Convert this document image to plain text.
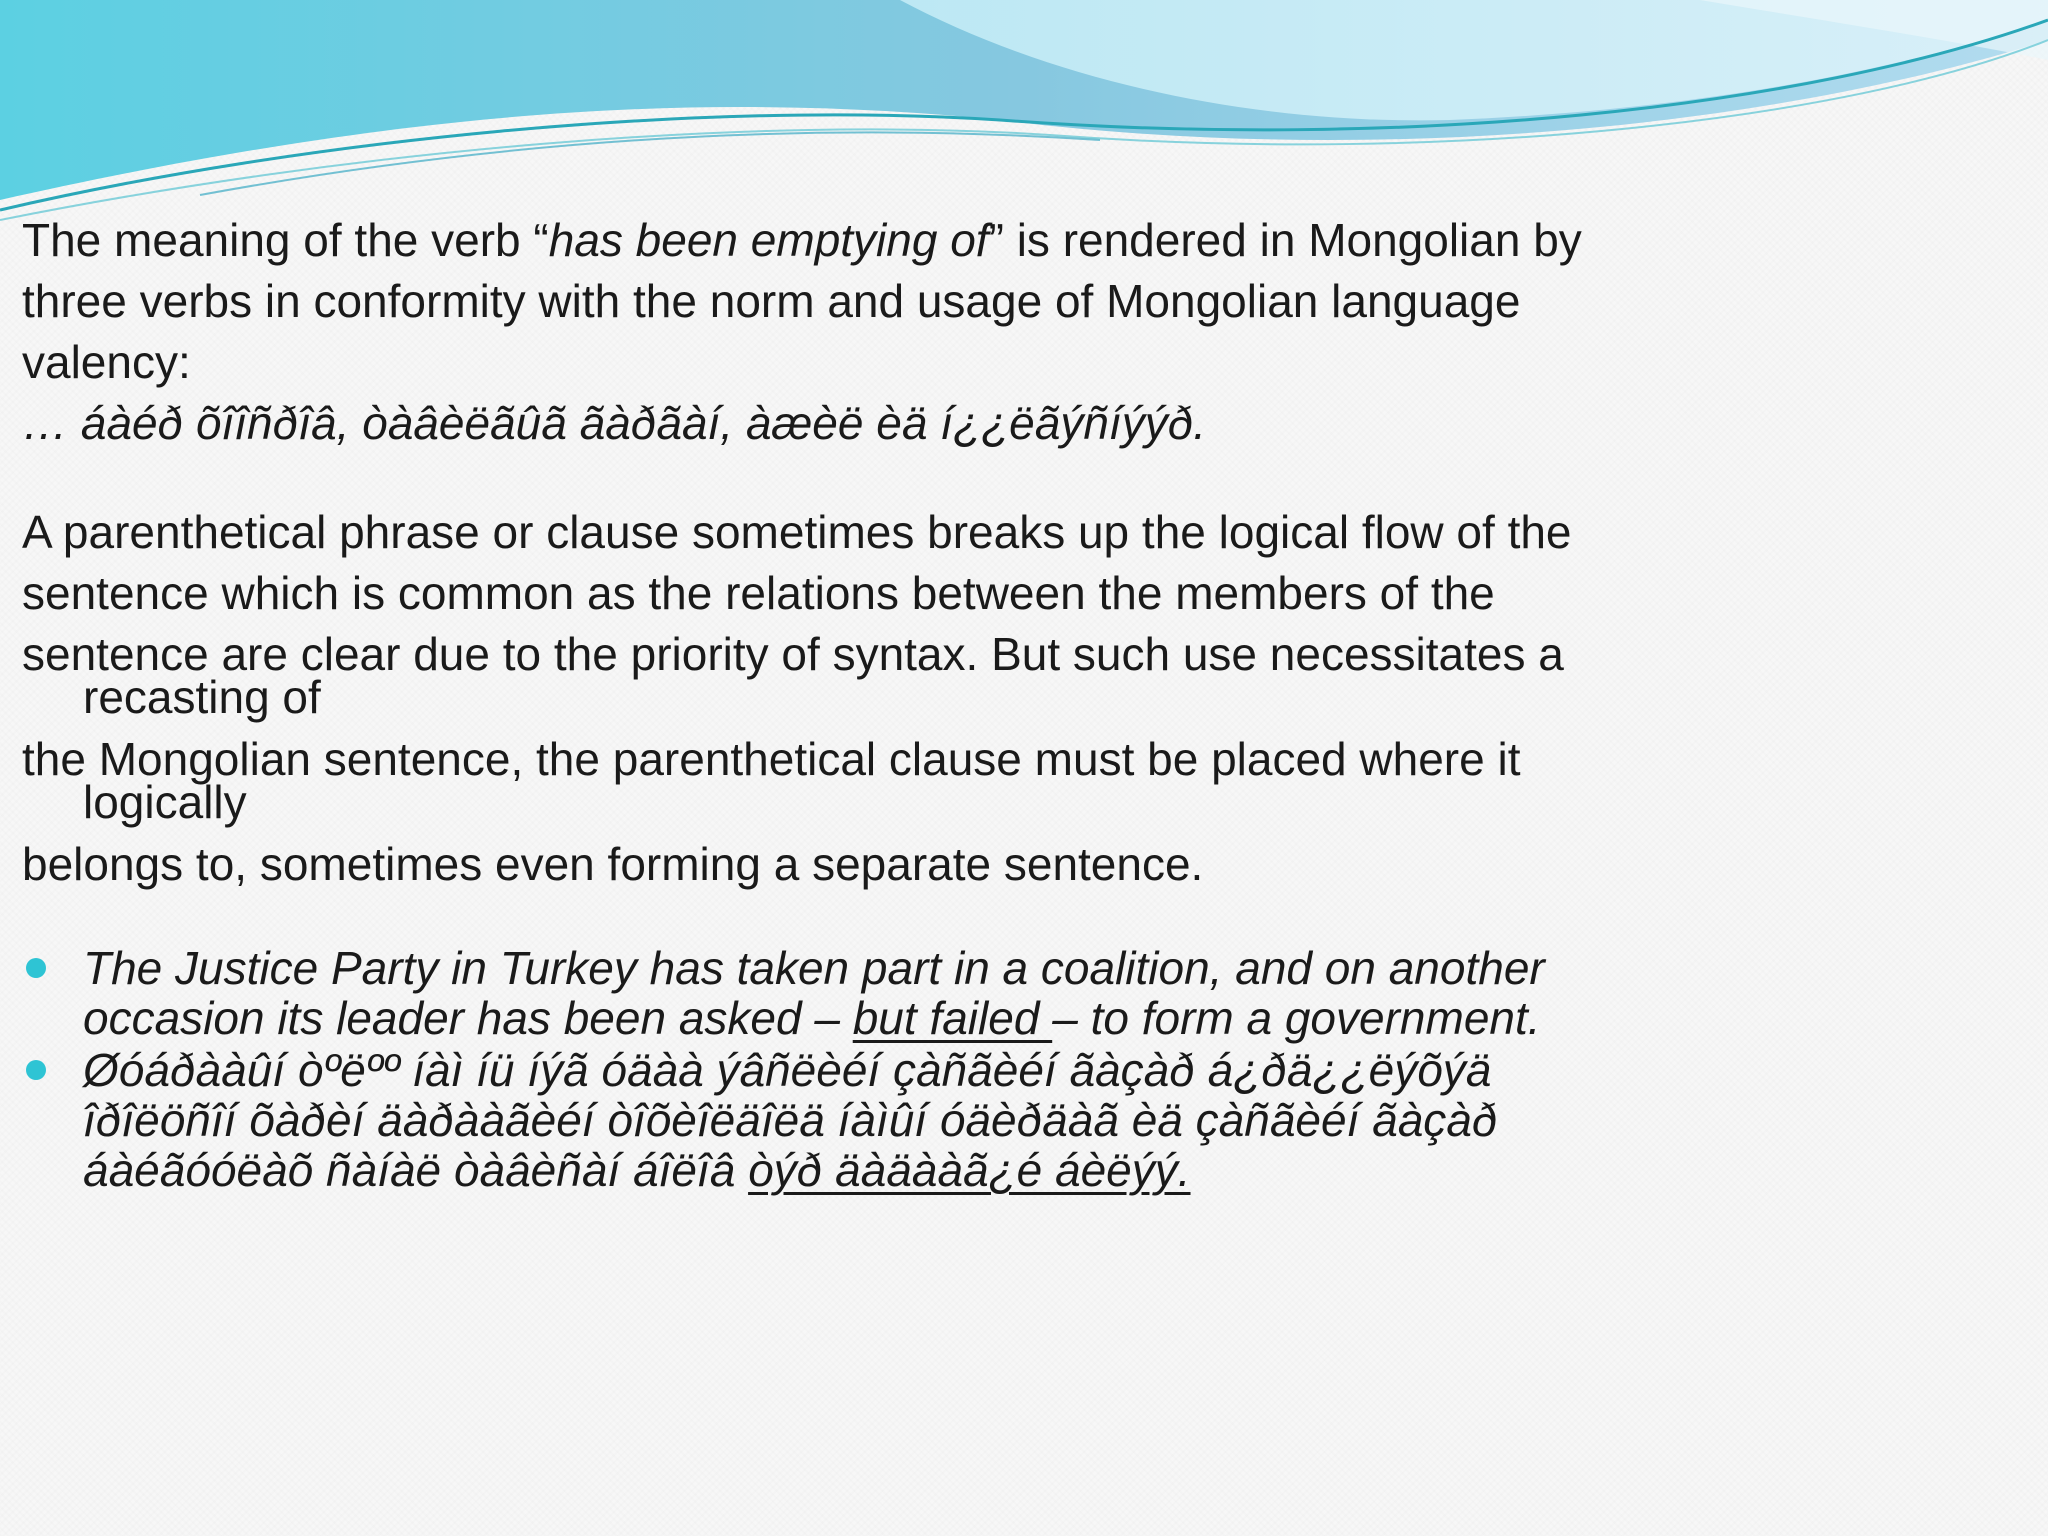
The meaning of the verb “has been emptying of” is rendered in Mongolian by
three verbs in conformity with the norm and usage of Mongolian language
valency:
… áàéð õîîñðîâ, òàâèëãûã ãàðãàí, àæèë èä í¿¿ëãýñíýýð.
A parenthetical phrase or clause sometimes breaks up the logical flow of the
sentence which is common as the relations between the members of the
sentence are clear due to the priority of syntax. But such use necessitates a
recasting of
the Mongolian sentence, the parenthetical clause must be placed where it
logically
belongs to, sometimes even forming a separate sentence.
The Justice Party in Turkey has taken part in a coalition, and on another
occasion its leader has been asked – but failed – to form a government.
Øóáðààûí òºëºº íàì íü íýã óäàà ýâñëèéí çàñãèéí ãàçàð á¿ðä¿¿ëýõýä
îðîëöñîí õàðèí äàðààãèéí òîõèîëäîëä íàìûí óäèðäàã èä çàñãèéí ãàçàð
áàéãóóëàõ ñàíàë òàâèñàí áîëîâ òýð äàäààã¿é áèëýý.
